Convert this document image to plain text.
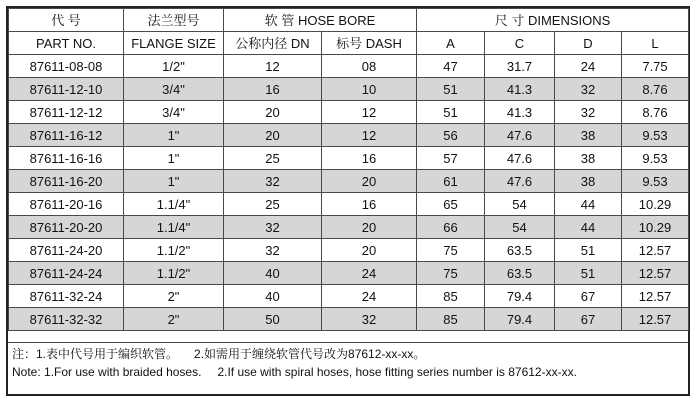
代 号	法兰型号	软 管 HOSE BORE		尺 寸 DIMENSIONS			
PART NO.	FLANGE SIZE	公称内径 DN	标号 DASH	A	C	D	L
87611-08-08	1/2"	12	08	47	31.7	24	7.75
87611-12-10	3/4"	16	10	51	41.3	32	8.76
87611-12-12	3/4"	20	12	51	41.3	32	8.76
87611-16-12	1"	20	12	56	47.6	38	9.53
87611-16-16	1"	25	16	57	47.6	38	9.53
87611-16-20	1"	32	20	61	47.6	38	9.53
87611-20-16	1.1/4"	25	16	65	54	44	10.29
87611-20-20	1.1/4"	32	20	66	54	44	10.29
87611-24-20	1.1/2"	32	20	75	63.5	51	12.57
87611-24-24	1.1/2"	40	24	75	63.5	51	12.57
87611-32-24	2"	40	24	85	79.4	67	12.57
87611-32-32	2"	50	32	85	79.4	67	12.57
注：1.表中代号用于编织软管。 2.如需用于缠绕软管代号改为87612-xx-xx。
Note: 1.For use with braided hoses. 2.If use with spiral hoses, hose fitting series number is 87612-xx-xx.
